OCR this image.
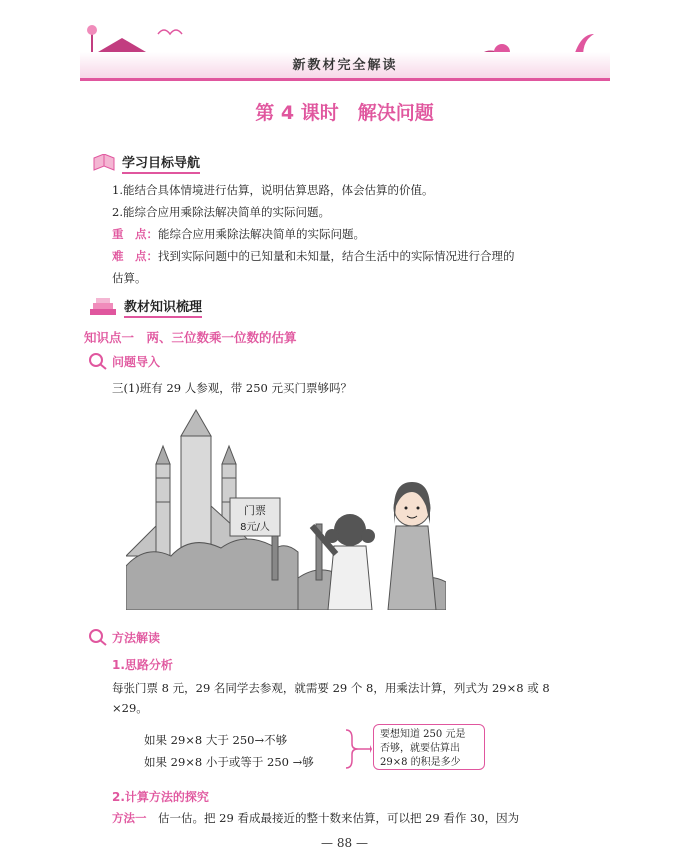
新教材完全解读
第 4 课时　解决问题
学习目标导航
1.能结合具体情境进行估算，说明估算思路，体会估算的价值。
2.能综合应用乘除法解决简单的实际问题。
重　点：能综合应用乘除法解决简单的实际问题。
难　点：找到实际问题中的已知量和未知量，结合生活中的实际情况进行合理的
估算。
教材知识梳理
知识点一　两、三位数乘一位数的估算
问题导入
三(1)班有 29 人参观，带 250 元买门票够吗？
门票
8元/人
方法解读
1.思路分析
每张门票 8 元，29 名同学去参观，就需要 29 个 8，用乘法计算，列式为 29×8 或 8
×29。
如果 29×8 大于 250→不够
如果 29×8 小于或等于 250 →够
要想知道 250 元是
否够，就要估算出
29×8 的积是多少
2.计算方法的探究
方法一　 估一估。把 29 看成最接近的整十数来估算，可以把 29 看作 30，因为
— 88 —
